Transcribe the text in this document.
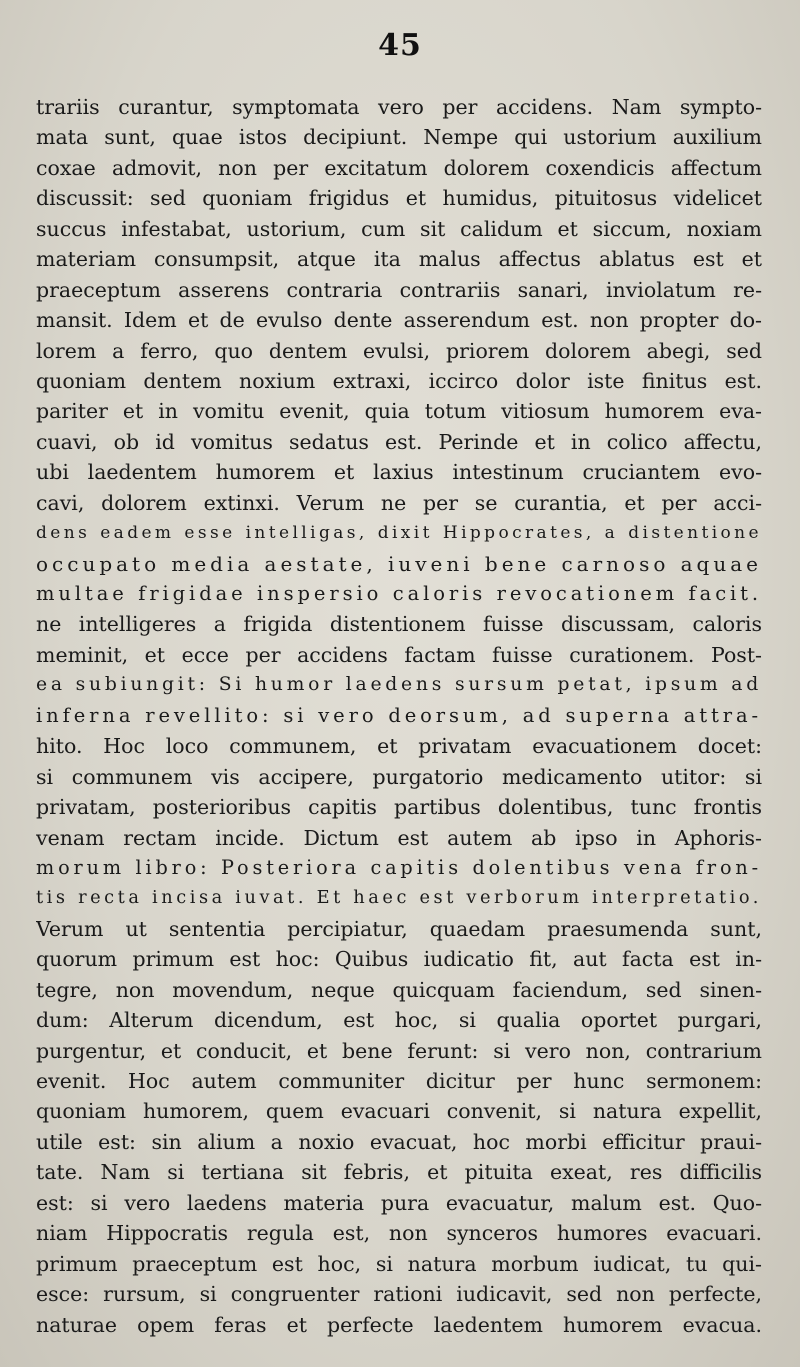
45
trariis curantur, symptomata vero per accidens. Nam sympto-
mata sunt, quae istos decipiunt. Nempe qui ustorium auxilium
coxae admovit, non per excitatum dolorem coxendicis affectum
discussit: sed quoniam frigidus et humidus, pituitosus videlicet
succus infestabat, ustorium, cum sit calidum et siccum, noxiam
materiam consumpsit, atque ita malus affectus ablatus est et
praeceptum asserens contraria contrariis sanari, inviolatum re-
mansit. Idem et de evulso dente asserendum est. non propter do-
lorem a ferro, quo dentem evulsi, priorem dolorem abegi, sed
quoniam dentem noxium extraxi, iccirco dolor iste finitus est.
pariter et in vomitu evenit, quia totum vitiosum humorem eva-
cuavi, ob id vomitus sedatus est. Perinde et in colico affectu,
ubi laedentem humorem et laxius intestinum cruciantem evo-
cavi, dolorem extinxi. Verum ne per se curantia, et per acci-
dens eadem esse intelligas, dixit Hippocrates, a distentione
occupato media aestate, iuveni bene carnoso aquae
multae frigidae inspersio caloris revocationem facit.
ne intelligeres a frigida distentionem fuisse discussam, caloris
meminit, et ecce per accidens factam fuisse curationem. Post-
ea subiungit: Si humor laedens sursum petat, ipsum ad
inferna revellito: si vero deorsum, ad superna attra-
hito. Hoc loco communem, et privatam evacuationem docet:
si communem vis accipere, purgatorio medicamento utitor: si
privatam, posterioribus capitis partibus dolentibus, tunc frontis
venam rectam incide. Dictum est autem ab ipso in Aphoris-
morum libro: Posteriora capitis dolentibus vena fron-
tis recta incisa iuvat. Et haec est verborum interpretatio.
Verum ut sententia percipiatur, quaedam praesumenda sunt,
quorum primum est hoc: Quibus iudicatio fit, aut facta est in-
tegre, non movendum, neque quicquam faciendum, sed sinen-
dum: Alterum dicendum, est hoc, si qualia oportet purgari,
purgentur, et conducit, et bene ferunt: si vero non, contrarium
evenit. Hoc autem communiter dicitur per hunc sermonem:
quoniam humorem, quem evacuari convenit, si natura expellit,
utile est: sin alium a noxio evacuat, hoc morbi efficitur praui-
tate. Nam si tertiana sit febris, et pituita exeat, res difficilis
est: si vero laedens materia pura evacuatur, malum est. Quo-
niam Hippocratis regula est, non synceros humores evacuari.
primum praeceptum est hoc, si natura morbum iudicat, tu qui-
esce: rursum, si congruenter rationi iudicavit, sed non perfecte,
naturae opem feras et perfecte laedentem humorem evacua.
